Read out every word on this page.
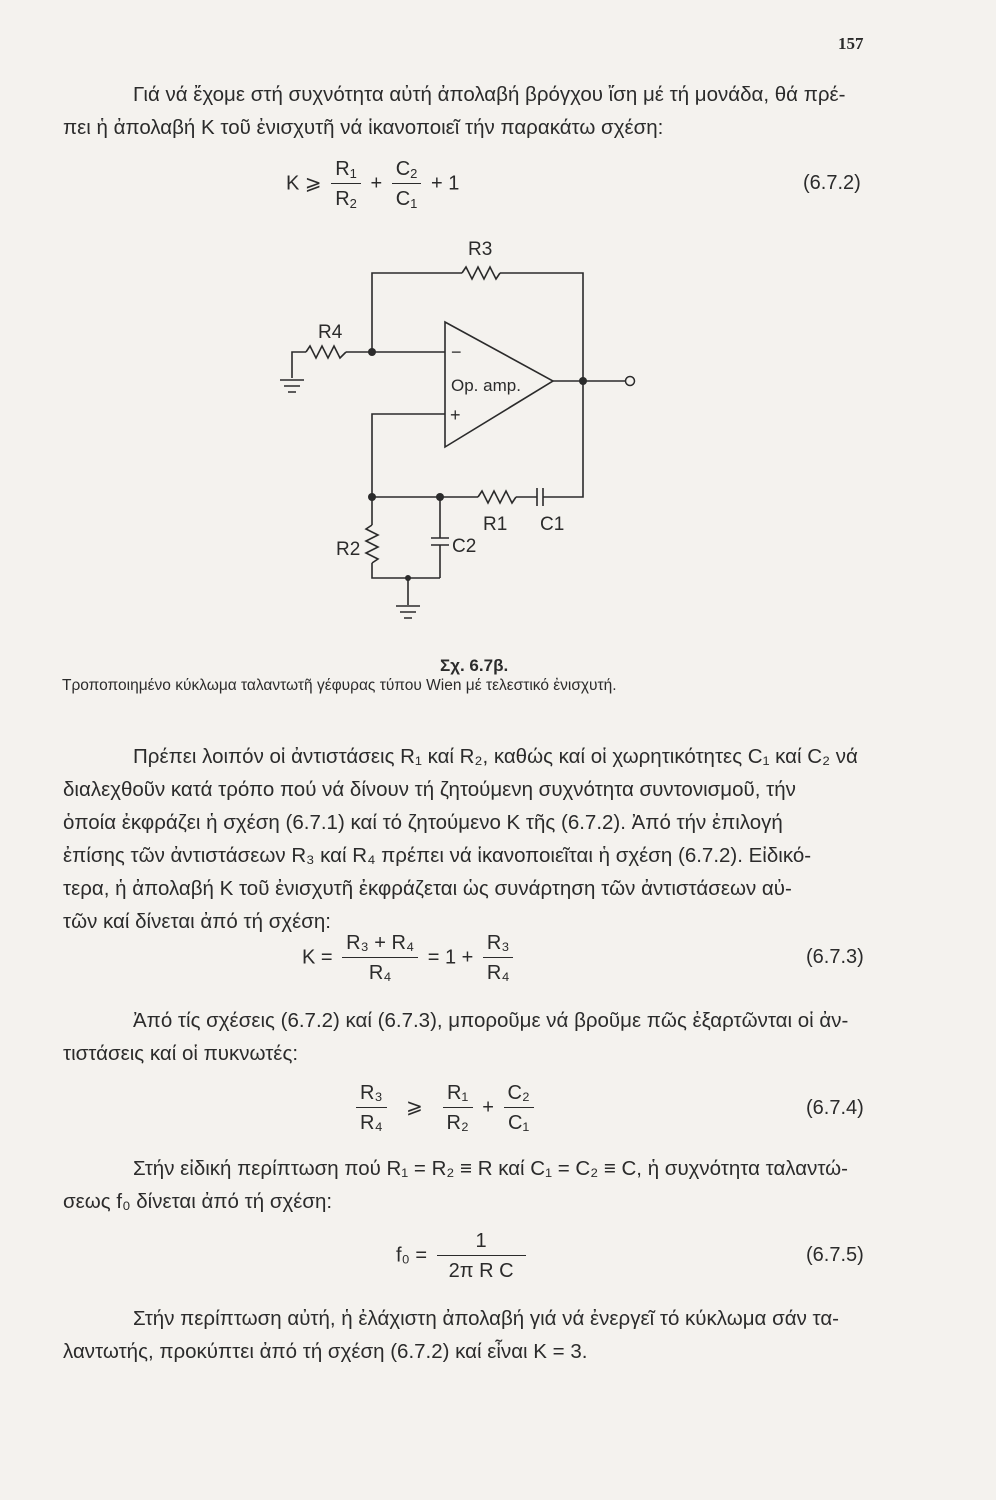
157

Γιά νά ἔχομε στή συχνότητα αὐτή ἀπολαβή βρόγχου ἴση μέ τή μονάδα, θά πρέ-
πει ἡ ἀπολαβή Κ τοῦ ἐνισχυτῆ νά ἱκανοποιεῖ τήν παρακάτω σχέση:

K ⩾ $\frac{R_1}{R_2} + \frac{C_2}{C_1} + 1$	(6.7.2)
R3
R4
Op. amp.
−
+
R1 C1
R2	C2
Σχ. 6.7β.
Τροποποιημένο κύκλωμα ταλαντωτῆ γέφυρας τύπου Wien μέ τελεστικό ἐνισχυτή.

Πρέπει λοιπόν οἱ ἀντιστάσεις R₁ καί R₂, καθώς καί οἱ χωρητικότητες C₁ καί C₂ νά
διαλεχθοῦν κατά τρόπο πού νά δίνουν τή ζητούμενη συχνότητα συντονισμοῦ, τήν
ὁποία ἐκφράζει ἡ σχέση (6.7.1) καί τό ζητούμενο Κ τῆς (6.7.2). Ἀπό τήν ἐπιλογή
ἐπίσης τῶν ἀντιστάσεων R₃ καί R₄ πρέπει νά ἱκανοποιεῖται ἡ σχέση (6.7.2). Εἰδικό-
τερα, ἡ ἀπολαβή Κ τοῦ ἐνισχυτῆ ἐκφράζεται ὡς συνάρτηση τῶν ἀντιστάσεων αὐ-
τῶν καί δίνεται ἀπό τή σχέση:

$K = \frac{\text{R₃ + R₄}}{\text{R₄}} = 1 + \frac{\text{R₃}}{\text{R₄}}$	(6.7.3)

Ἀπό τίς σχέσεις (6.7.2) καί (6.7.3), μποροῦμε νά βροῦμε πῶς ἐξαρτῶνται οἱ ἀν-
τιστάσεις καί οἱ πυκνωτές:

$\frac{\text{R₃}}{\text{R₄}}$ ⩾ $\frac{\text{R₁}}{\text{R₂}} + \frac{\text{C₂}}{\text{C₁}}$	(6.7.4)

Στήν εἰδική περίπτωση πού R₁ = R₂ ≡ R καί C₁ = C₂ ≡ C, ἡ συχνότητα ταλαντώ-
σεως f₀ δίνεται ἀπό τή σχέση:

$f_0 = \frac{1}{\text{2π R C}}$	(6.7.5)

Στήν περίπτωση αὐτή, ἡ ἐλάχιστη ἀπολαβή γιά νά ἐνεργεῖ τό κύκλωμα σάν τα-
λαντωτής, προκύπτει ἀπό τή σχέση (6.7.2) καί εἶναι Κ = 3.
